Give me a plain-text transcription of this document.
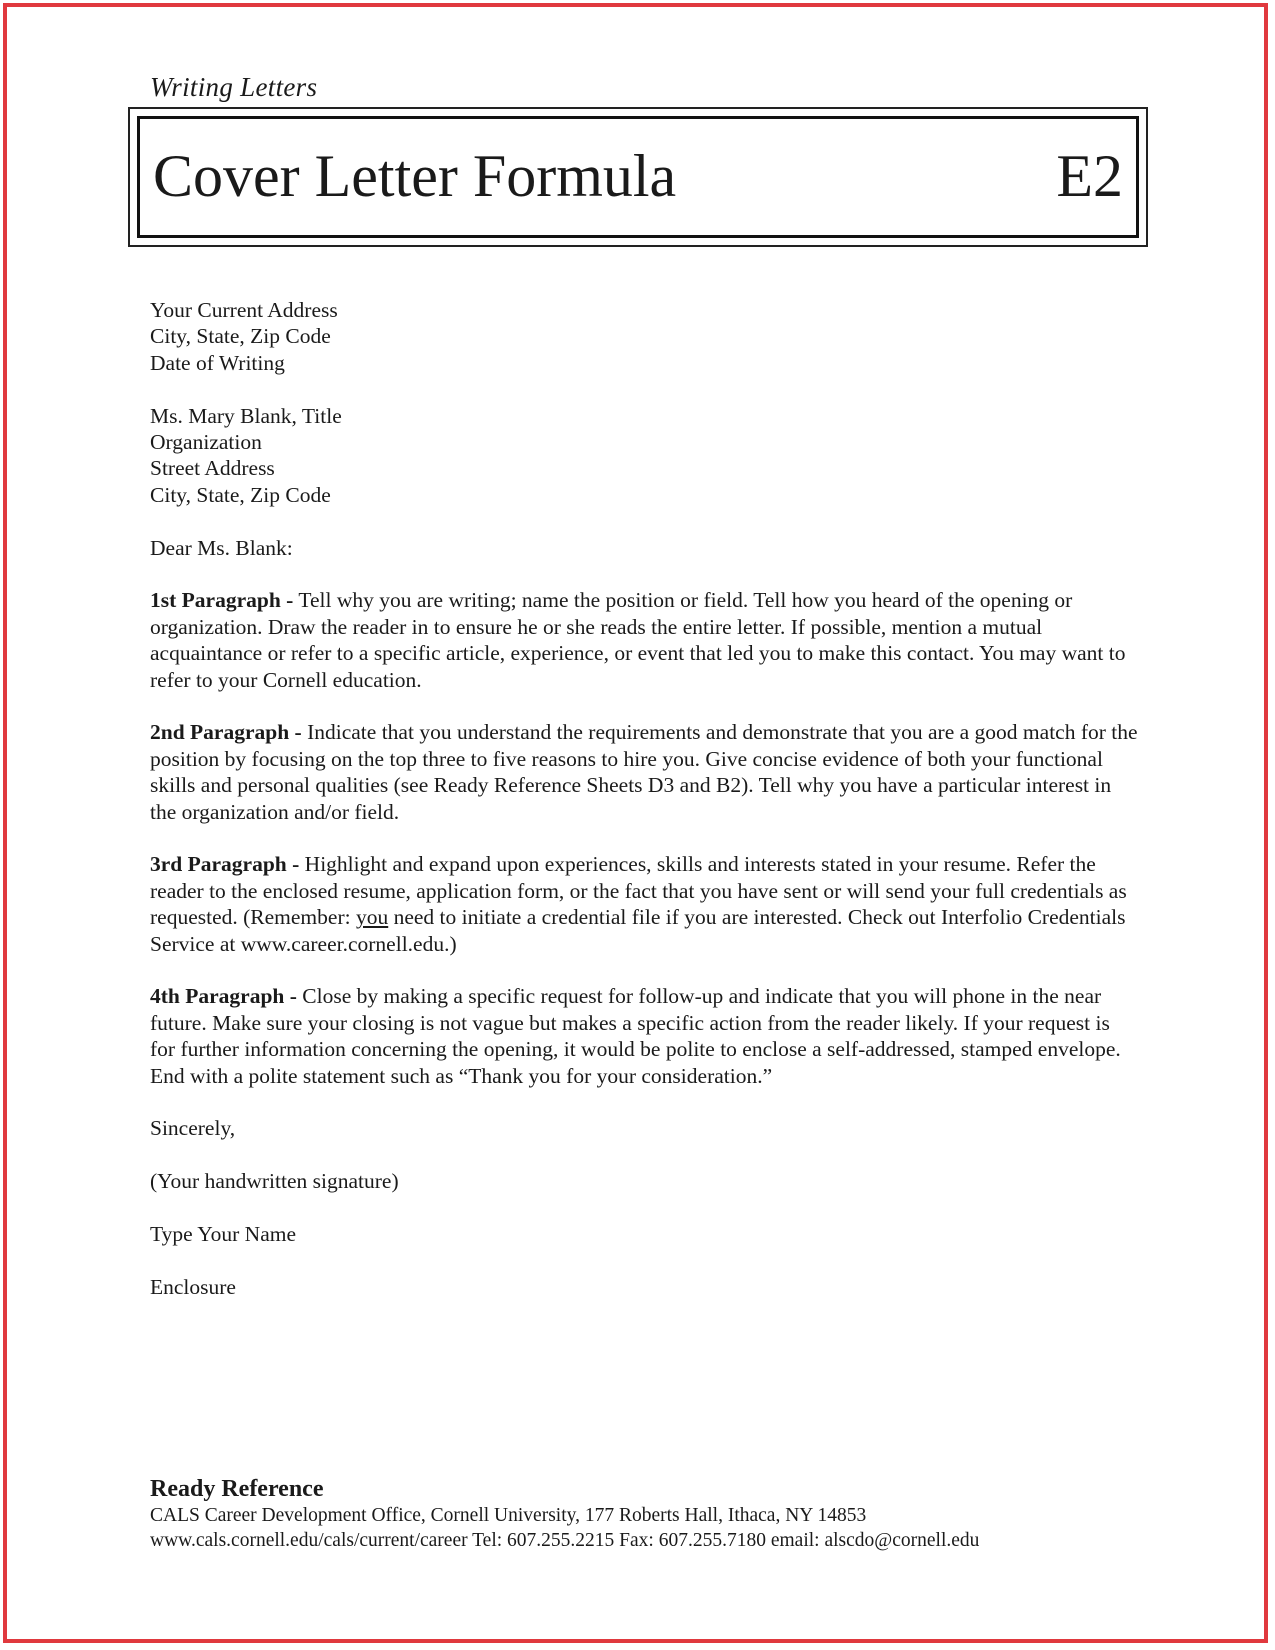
Writing Letters
Cover Letter Formula	E2

Your Current Address
City, State, Zip Code
Date of Writing

Ms. Mary Blank, Title
Organization
Street Address
City, State, Zip Code

Dear Ms. Blank:

1st Paragraph - Tell why you are writing; name the position or field. Tell how you heard of the opening or organization. Draw the reader in to ensure he or she reads the entire letter. If possible, mention a mutual acquaintance or refer to a specific article, experience, or event that led you to make this contact. You may want to refer to your Cornell education.

2nd Paragraph - Indicate that you understand the requirements and demonstrate that you are a good match for the position by focusing on the top three to five reasons to hire you. Give concise evidence of both your functional skills and personal qualities (see Ready Reference Sheets D3 and B2). Tell why you have a particular interest in the organization and/or field.

3rd Paragraph - Highlight and expand upon experiences, skills and interests stated in your resume. Refer the reader to the enclosed resume, application form, or the fact that you have sent or will send your full credentials as requested. (Remember: you need to initiate a credential file if you are interested. Check out Interfolio Credentials Service at www.career.cornell.edu.)

4th Paragraph - Close by making a specific request for follow-up and indicate that you will phone in the near future. Make sure your closing is not vague but makes a specific action from the reader likely. If your request is for further information concerning the opening, it would be polite to enclose a self-addressed, stamped envelope. End with a polite statement such as “Thank you for your consideration.”

Sincerely,

(Your handwritten signature)

Type Your Name

Enclosure

Ready Reference
CALS Career Development Office, Cornell University, 177 Roberts Hall, Ithaca, NY 14853
www.cals.cornell.edu/cals/current/career Tel: 607.255.2215 Fax: 607.255.7180 email: alscdo@cornell.edu
